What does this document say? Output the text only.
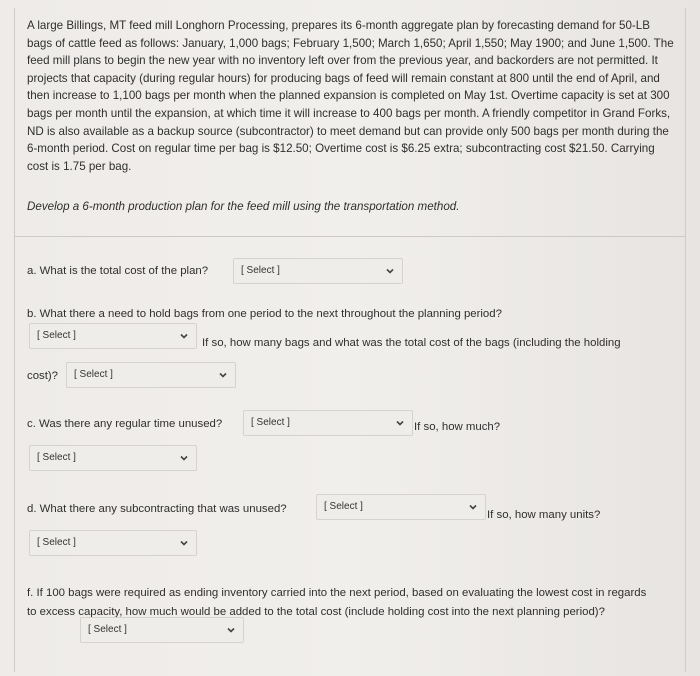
A large Billings, MT feed mill Longhorn Processing, prepares its 6-month aggregate plan by forecasting demand for 50-LB bags of cattle feed as follows: January, 1,000 bags; February 1,500; March 1,650; April 1,550; May 1900; and June 1,500. The feed mill plans to begin the new year with no inventory left over from the previous year, and backorders are not permitted. It projects that capacity (during regular hours) for producing bags of feed will remain constant at 800 until the end of April, and then increase to 1,100 bags per month when the planned expansion is completed on May 1st. Overtime capacity is set at 300 bags per month until the expansion, at which time it will increase to 400 bags per month. A friendly competitor in Grand Forks, ND is also available as a backup source (subcontractor) to meet demand but can provide only 500 bags per month during the 6-month period. Cost on regular time per bag is $12.50; Overtime cost is $6.25 extra; subcontracting cost $21.50. Carrying cost is 1.75 per bag.

Develop a 6-month production plan for the feed mill using the transportation method.

a. What is the total cost of the plan?	[ Select ]

b. What there a need to hold bags from one period to the next throughout the planning period?

[ Select ]

If so, how many bags and what was the total cost of the bags (including the holding

cost)? [ Select ]

c. Was there any regular time unused?	[ Select ]	If so, how much?

[ Select ]

d. What there any subcontracting that was unused?	[ Select ]

If so, how many units?

[ Select ]

f. If 100 bags were required as ending inventory carried into the next period, based on evaluating the lowest cost in regards to excess capacity, how much would be added to the total cost (include holding cost into the next planning period)?

[ Select ]
